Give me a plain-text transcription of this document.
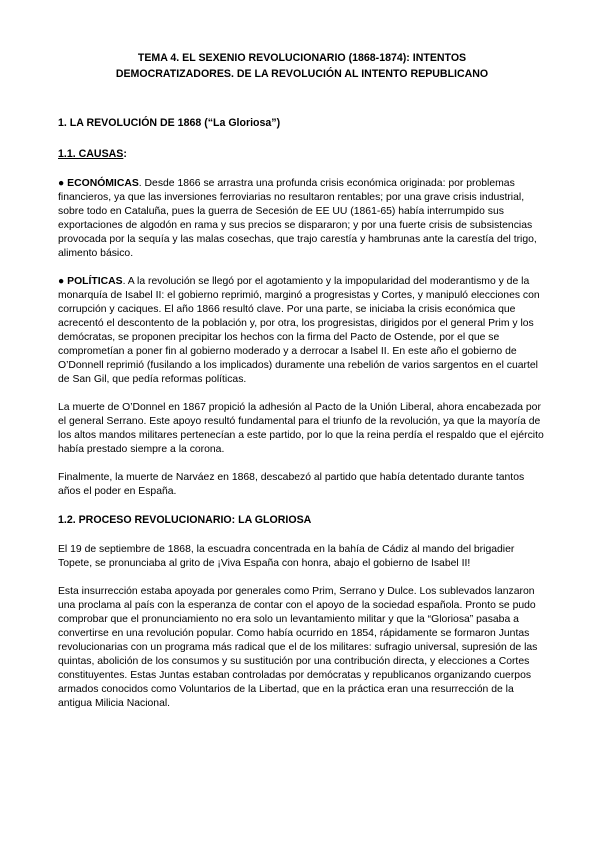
TEMA 4. EL SEXENIO REVOLUCIONARIO (1868-1874): INTENTOS
DEMOCRATIZADORES. DE LA REVOLUCIÓN AL INTENTO REPUBLICANO
1. LA REVOLUCIÓN DE 1868 (“La Gloriosa”)
1.1. CAUSAS:

● ECONÓMICAS. Desde 1866 se arrastra una profunda crisis económica originada: por problemas financieros, ya que las inversiones ferroviarias no resultaron rentables; por una grave crisis industrial, sobre todo en Cataluña, pues la guerra de Secesión de EE UU (1861-65) había interrumpido sus exportaciones de algodón en rama y sus precios se dispararon; y por una fuerte crisis de subsistencias provocada por la sequía y las malas cosechas, que trajo carestía y hambrunas ante la carestía del trigo, alimento básico.

● POLÍTICAS. A la revolución se llegó por el agotamiento y la impopularidad del moderantismo y de la monarquía de Isabel II: el gobierno reprimió, marginó a progresistas y Cortes, y manipuló elecciones con corrupción y caciques. El año 1866 resultó clave. Por una parte, se iniciaba la crisis económica que acrecentó el descontento de la población y, por otra, los progresistas, dirigidos por el general Prim y los demócratas, se proponen precipitar los hechos con la firma del Pacto de Ostende, por el que se comprometían a poner fin al gobierno moderado y a derrocar a Isabel II. En este año el gobierno de O’Donnell reprimió (fusilando a los implicados) duramente una rebelión de varios sargentos en el cuartel de San Gil, que pedía reformas políticas.

La muerte de O’Donnel en 1867 propició la adhesión al Pacto de la Unión Liberal, ahora encabezada por el general Serrano. Este apoyo resultó fundamental para el triunfo de la revolución, ya que la mayoría de los altos mandos militares pertenecían a este partido, por lo que la reina perdía el respaldo que el ejército había prestado siempre a la corona.

Finalmente, la muerte de Narváez en 1868, descabezó al partido que había detentado durante tantos años el poder en España.

1.2. PROCESO REVOLUCIONARIO: LA GLORIOSA

El 19 de septiembre de 1868, la escuadra concentrada en la bahía de Cádiz al mando del brigadier Topete, se pronunciaba al grito de ¡Viva España con honra, abajo el gobierno de Isabel II!

Esta insurrección estaba apoyada por generales como Prim, Serrano y Dulce. Los sublevados lanzaron una proclama al país con la esperanza de contar con el apoyo de la sociedad española. Pronto se pudo comprobar que el pronunciamiento no era solo un levantamiento militar y que la “Gloriosa” pasaba a convertirse en una revolución popular. Como había ocurrido en 1854, rápidamente se formaron Juntas revolucionarias con un programa más radical que el de los militares: sufragio universal, supresión de las quintas, abolición de los consumos y su sustitución por una contribución directa, y elecciones a Cortes constituyentes. Estas Juntas estaban controladas por demócratas y republicanos organizando cuerpos armados conocidos como Voluntarios de la Libertad, que en la práctica eran una resurrección de la antigua Milicia Nacional.
